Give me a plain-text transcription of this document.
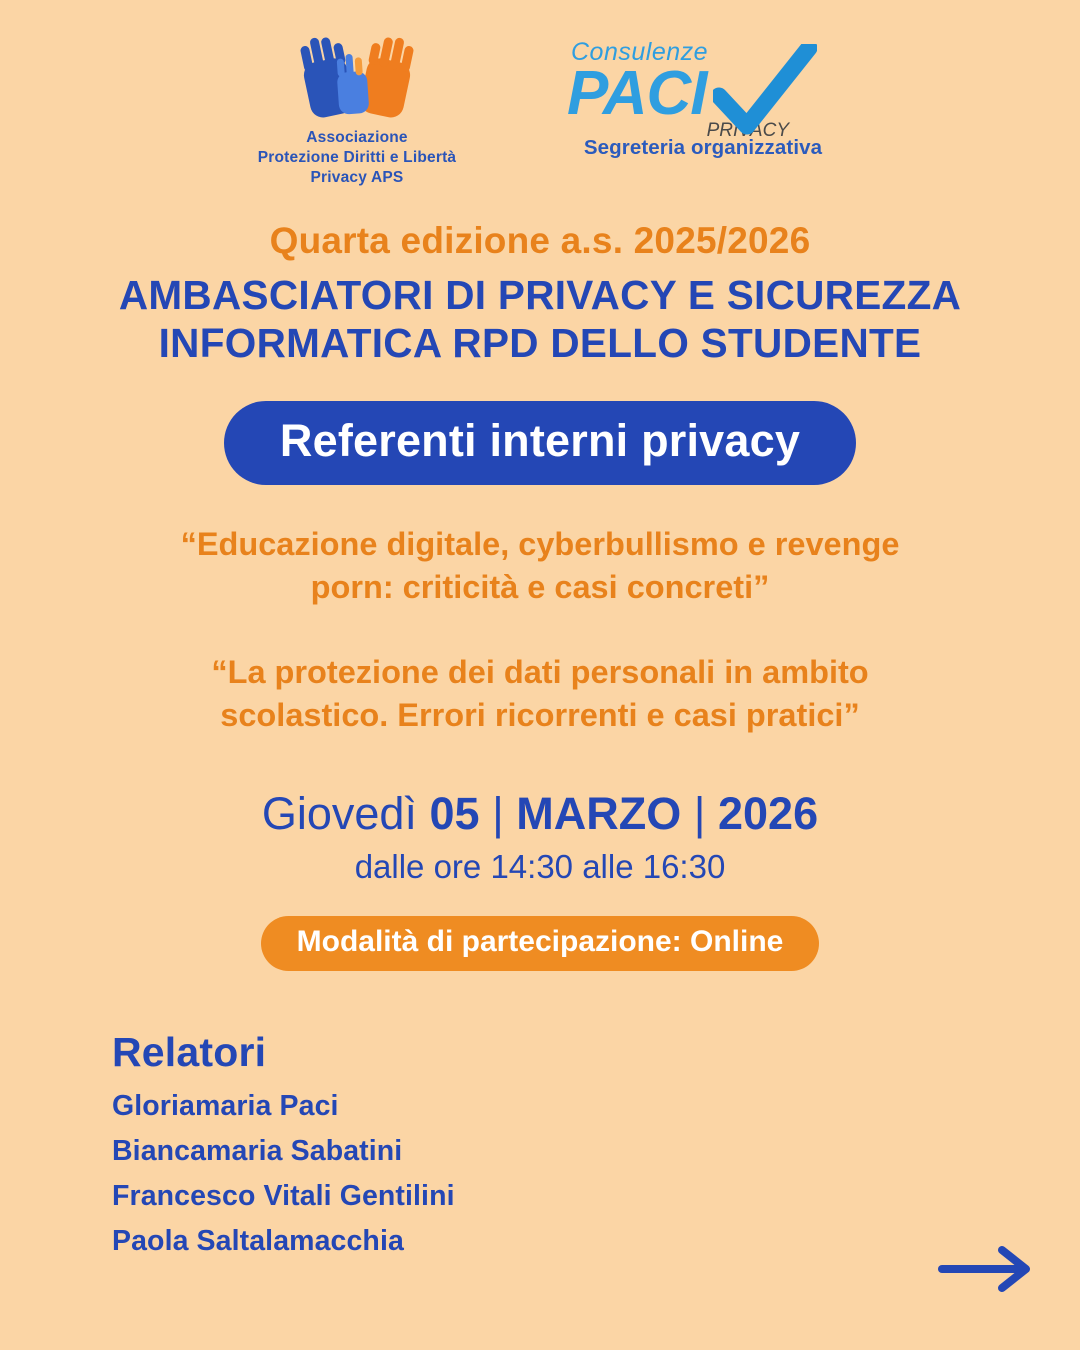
Associazione
Protezione Diritti e Libertà
Privacy APS
Consulenze
PACI
PRIVACY
Segreteria organizzativa
Quarta edizione a.s. 2025/2026
AMBASCIATORI DI PRIVACY E SICUREZZA
INFORMATICA RPD DELLO STUDENTE
Referenti interni privacy
“Educazione digitale, cyberbullismo e revenge
porn: criticità e casi concreti”
“La protezione dei dati personali in ambito
scolastico. Errori ricorrenti e casi pratici”
Giovedì 05 | MARZO | 2026
dalle ore 14:30 alle 16:30
Modalità di partecipazione: Online
Relatori
Gloriamaria Paci
Biancamaria Sabatini
Francesco Vitali Gentilini
Paola Saltalamacchia
